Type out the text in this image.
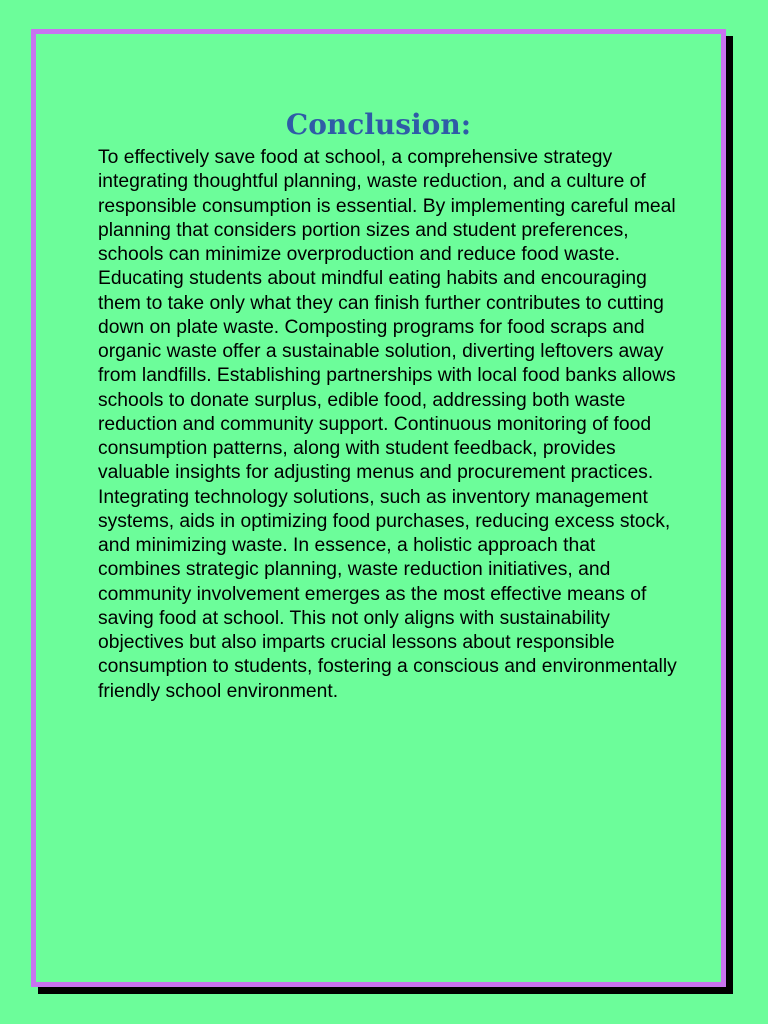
Conclusion:

To effectively save food at school, a comprehensive strategy integrating thoughtful planning, waste reduction, and a culture of responsible consumption is essential. By implementing careful meal planning that considers portion sizes and student preferences, schools can minimize overproduction and reduce food waste. Educating students about mindful eating habits and encouraging them to take only what they can finish further contributes to cutting down on plate waste. Composting programs for food scraps and organic waste offer a sustainable solution, diverting leftovers away from landfills. Establishing partnerships with local food banks allows schools to donate surplus, edible food, addressing both waste reduction and community support. Continuous monitoring of food consumption patterns, along with student feedback, provides valuable insights for adjusting menus and procurement practices. Integrating technology solutions, such as inventory management systems, aids in optimizing food purchases, reducing excess stock, and minimizing waste. In essence, a holistic approach that combines strategic planning, waste reduction initiatives, and community involvement emerges as the most effective means of saving food at school. This not only aligns with sustainability objectives but also imparts crucial lessons about responsible consumption to students, fostering a conscious and environmentally friendly school environment.
